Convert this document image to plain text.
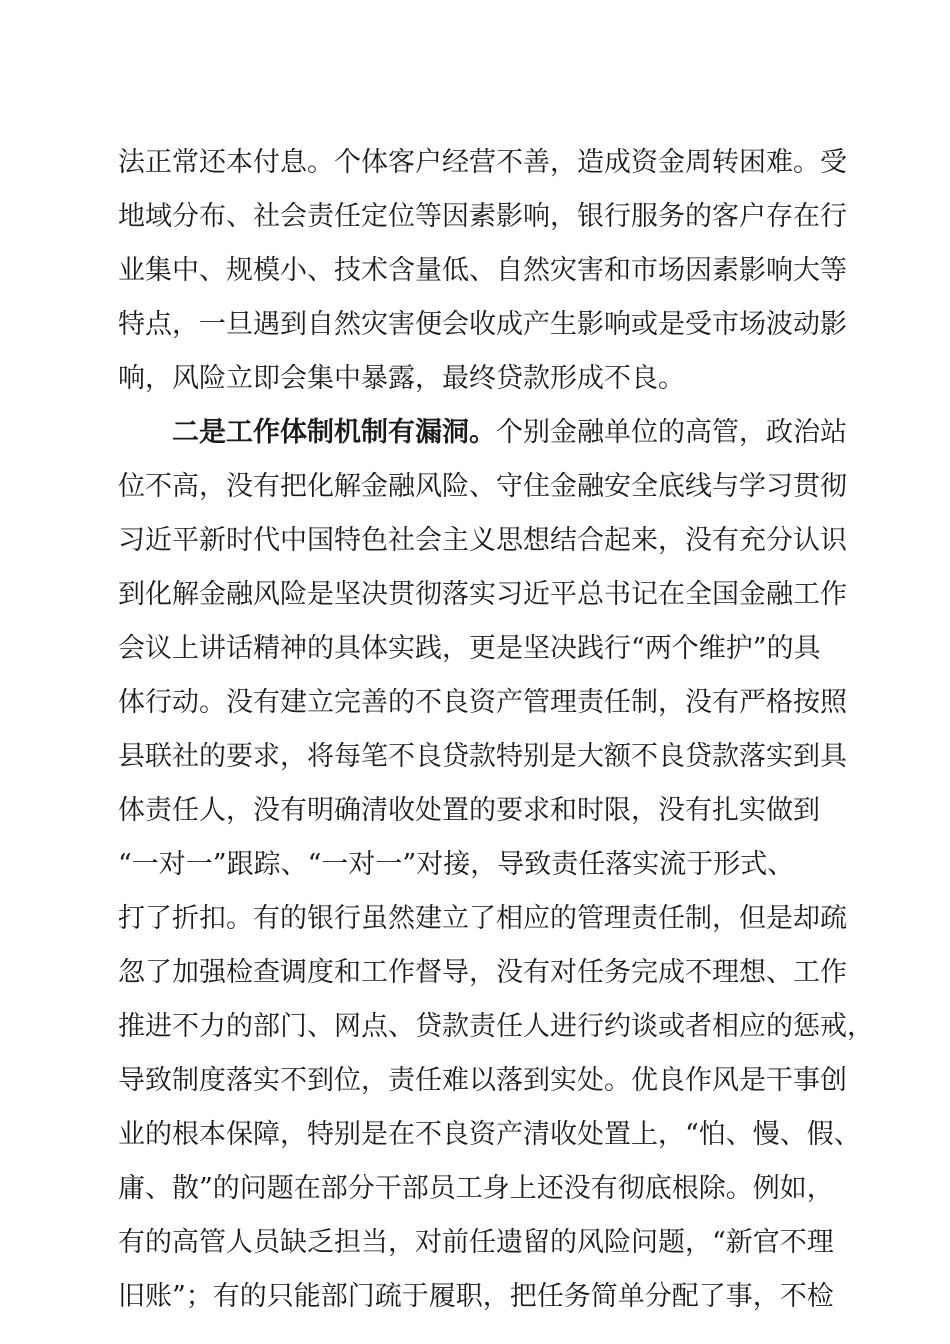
法正常还本付息。个体客户经营不善，造成资金周转困难。受
地域分布、社会责任定位等因素影响，银行服务的客户存在行
业集中、规模小、技术含量低、自然灾害和市场因素影响大等
特点，一旦遇到自然灾害便会收成产生影响或是受市场波动影
响，风险立即会集中暴露，最终贷款形成不良。
二是工作体制机制有漏洞。个别金融单位的高管，政治站
位不高，没有把化解金融风险、守住金融安全底线与学习贯彻
习近平新时代中国特色社会主义思想结合起来，没有充分认识
到化解金融风险是坚决贯彻落实习近平总书记在全国金融工作
会议上讲话精神的具体实践，更是坚决践行“两个维护”的具
体行动。没有建立完善的不良资产管理责任制，没有严格按照
县联社的要求，将每笔不良贷款特别是大额不良贷款落实到具
体责任人，没有明确清收处置的要求和时限，没有扎实做到
“一对一”跟踪、“一对一”对接，导致责任落实流于形式、
打了折扣。有的银行虽然建立了相应的管理责任制，但是却疏
忽了加强检查调度和工作督导，没有对任务完成不理想、工作
推进不力的部门、网点、贷款责任人进行约谈或者相应的惩戒，
导致制度落实不到位，责任难以落到实处。优良作风是干事创
业的根本保障，特别是在不良资产清收处置上，“怕、慢、假、
庸、散”的问题在部分干部员工身上还没有彻底根除。例如，
有的高管人员缺乏担当，对前任遗留的风险问题，“新官不理
旧账”；有的只能部门疏于履职，把任务简单分配了事，不检
